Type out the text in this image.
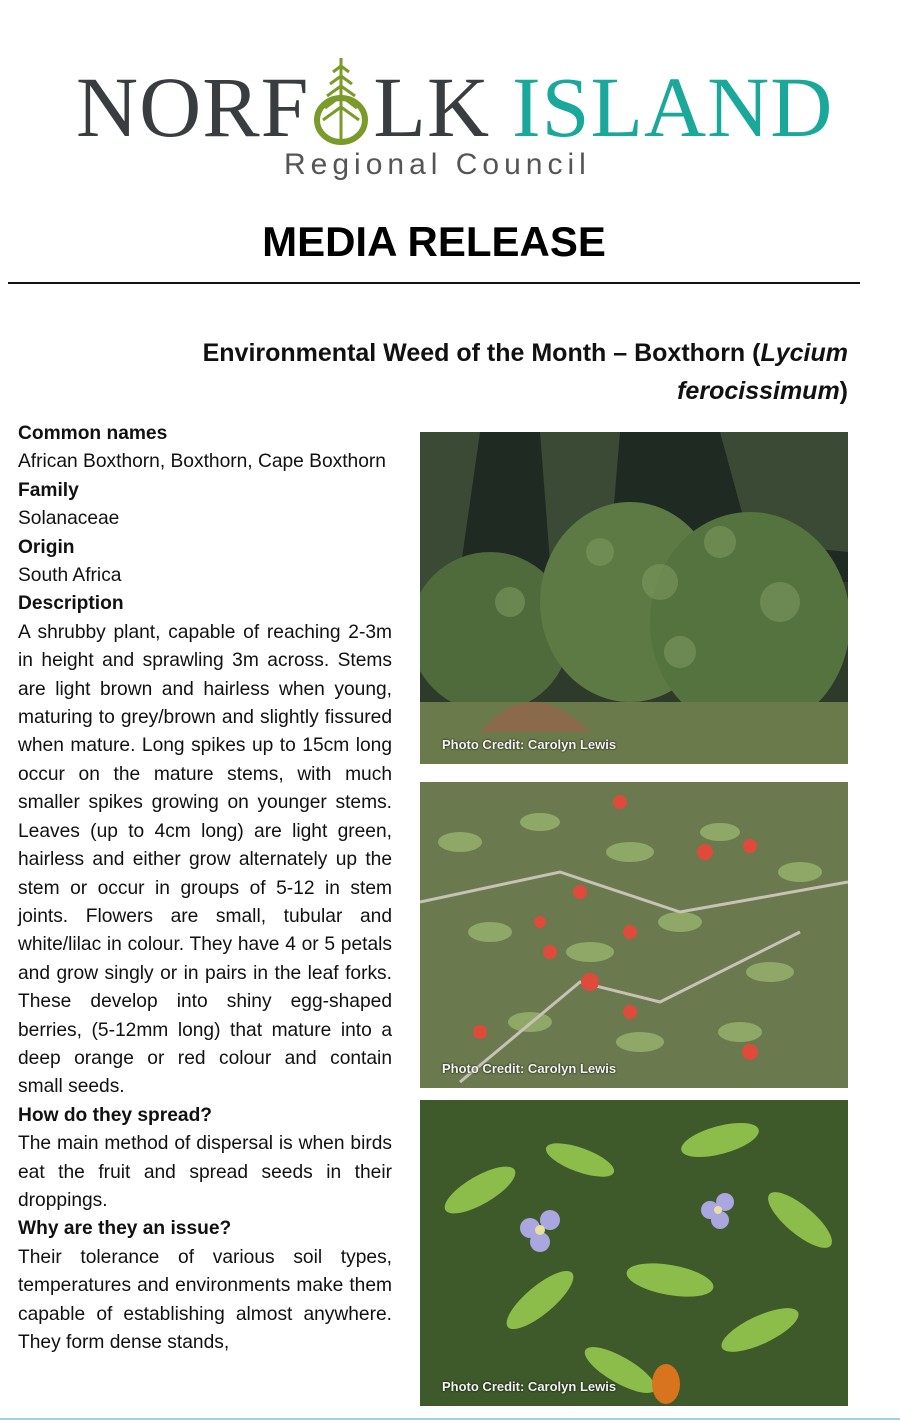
NORF LK ISLAND
Regional Council
MEDIA RELEASE
Environmental Weed of the Month – Boxthorn (Lycium ferocissimum)

Common names

African Boxthorn, Boxthorn, Cape Boxthorn

Family

Solanaceae

Origin

South Africa

Description

A shrubby plant, capable of reaching 2-3m in height and sprawling 3m across. Stems are light brown and hairless when young, maturing to grey/brown and slightly fissured when mature. Long spikes up to 15cm long occur on the mature stems, with much smaller spikes growing on younger stems. Leaves (up to 4cm long) are light green, hairless and either grow alternately up the stem or occur in groups of 5-12 in stem joints. Flowers are small, tubular and white/lilac in colour. They have 4 or 5 petals and grow singly or in pairs in the leaf forks. These develop into shiny egg-shaped berries, (5-12mm long) that mature into a deep orange or red colour and contain small seeds.

How do they spread?

The main method of dispersal is when birds eat the fruit and spread seeds in their droppings.

Why are they an issue?

Their tolerance of various soil types, temperatures and environments make them capable of establishing almost anywhere. They form dense stands,

Photo Credit: Carolyn Lewis
Photo Credit: Carolyn Lewis
Photo Credit: Carolyn Lewis
